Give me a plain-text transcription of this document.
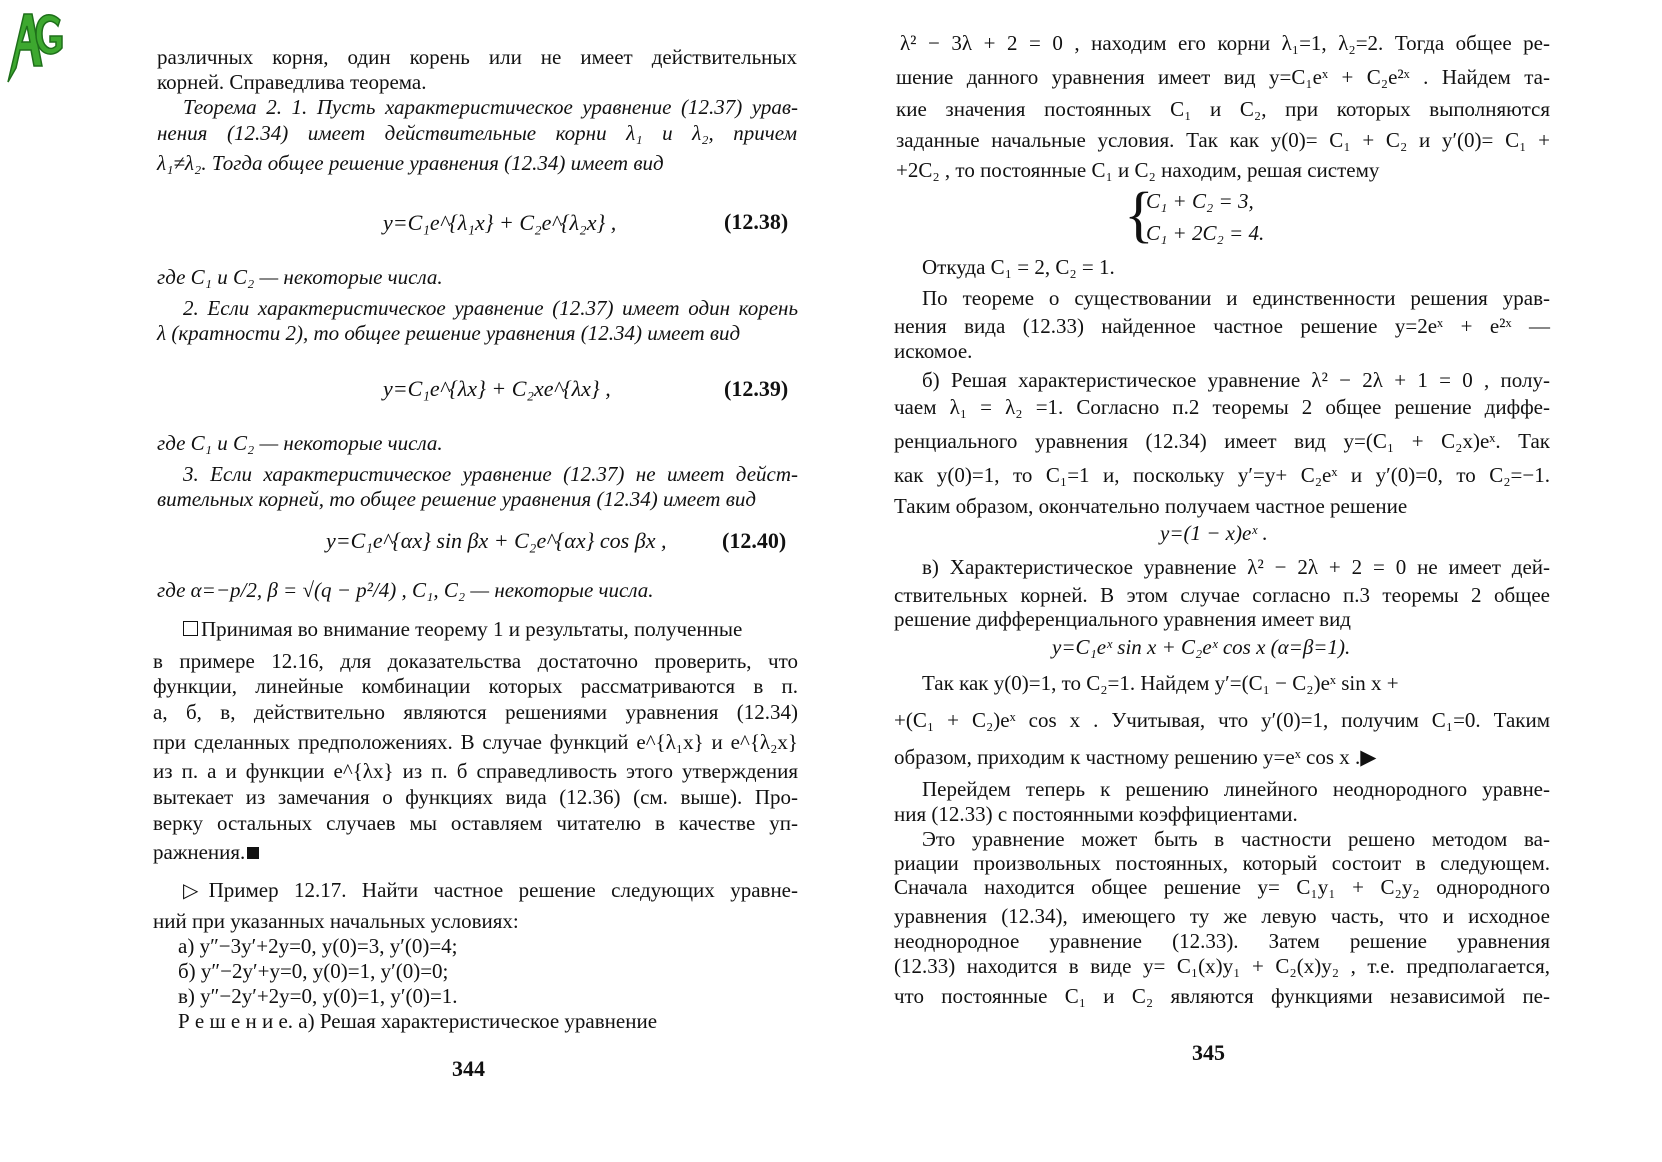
различных корня, один корень или не имеет действительных
корней. Справедлива теорема.
Теорема 2. 1. Пусть характеристическое уравнение (12.37) урав-
нения (12.34) имеет действительные корни λ₁ и λ₂, причем
λ₁≠λ₂. Тогда общее решение уравнения (12.34) имеет вид
y=C₁e^{λ₁x} + C₂e^{λ₂x} ,	(12.38)
где C₁ и C₂ — некоторые числа.
2. Если характеристическое уравнение (12.37) имеет один корень
λ (кратности 2), то общее решение уравнения (12.34) имеет вид
y=C₁e^{λx} + C₂xe^{λx} ,	(12.39)
где C₁ и C₂ — некоторые числа.
3. Если характеристическое уравнение (12.37) не имеет дейст-
вительных корней, то общее решение уравнения (12.34) имеет вид
y=C₁e^{αx} sin βx + C₂e^{αx} cos βx ,	(12.40)
где α=−p/2, β = √(q − p²/4) , C₁, C₂ — некоторые числа.
Принимая во внимание теорему 1 и результаты, полученные
в примере 12.16, для доказательства достаточно проверить, что
функции, линейные комбинации которых рассматриваются в п.
а, б, в, действительно являются решениями уравнения (12.34)
при сделанных предположениях. В случае функций e^{λ₁x} и e^{λ₂x}
из п. а и функции e^{λx} из п. б справедливость этого утверждения
вытекает из замечания о функциях вида (12.36) (см. выше). Про-
верку остальных случаев мы оставляем читателю в качестве уп-
ражнения.
▷Пример 12.17. Найти частное решение следующих уравне-
ний при указанных начальных условиях:
а) y″−3y′+2y=0, y(0)=3, y′(0)=4;
б) y″−2y′+y=0, y(0)=1, y′(0)=0;
в) y″−2y′+2y=0, y(0)=1, y′(0)=1.
Р е ш е н и е. а) Решая характеристическое уравнение
344
λ² − 3λ + 2 = 0 , находим его корни λ₁=1, λ₂=2. Тогда общее ре-
шение данного уравнения имеет вид y=C₁eˣ + C₂e²ˣ . Найдем та-
кие значения постоянных C₁ и C₂, при которых выполняются
заданные начальные условия. Так как y(0)= C₁ + C₂ и y′(0)= C₁ +
+2C₂ , то постоянные C₁ и C₂ находим, решая систему
{
C₁ + C₂ = 3,
C₁ + 2C₂ = 4.
Откуда C₁ = 2, C₂ = 1.
По теореме о существовании и единственности решения урав-
нения вида (12.33) найденное частное решение y=2eˣ + e²ˣ —
искомое.
б) Решая характеристическое уравнение λ² − 2λ + 1 = 0 , полу-
чаем λ₁ = λ₂ =1. Согласно п.2 теоремы 2 общее решение диффе-
ренциального уравнения (12.34) имеет вид y=(C₁ + C₂x)eˣ. Так
как y(0)=1, то C₁=1 и, поскольку y′=y+ C₂eˣ и y′(0)=0, то C₂=−1.
Таким образом, окончательно получаем частное решение
y=(1 − x)eˣ .
в) Характеристическое уравнение λ² − 2λ + 2 = 0 не имеет дей-
ствительных корней. В этом случае согласно п.3 теоремы 2 общее
решение дифференциального уравнения имеет вид
y=C₁eˣ sin x + C₂eˣ cos x (α=β=1).
Так как y(0)=1, то C₂=1. Найдем y′=(C₁ − C₂)eˣ sin x +
+(C₁ + C₂)eˣ cos x . Учитывая, что y′(0)=1, получим C₁=0. Таким
образом, приходим к частному решению y=eˣ cos x .▶
Перейдем теперь к решению линейного неоднородного уравне-
ния (12.33) с постоянными коэффициентами.
Это уравнение может быть в частности решено методом ва-
риации произвольных постоянных, который состоит в следующем.
Сначала находится общее решение y= C₁y₁ + C₂y₂ однородного
уравнения (12.34), имеющего ту же левую часть, что и исходное
неоднородное уравнение (12.33). Затем решение уравнения
(12.33) находится в виде y= C₁(x)y₁ + C₂(x)y₂ , т.е. предполагается,
что постоянные C₁ и C₂ являются функциями независимой пе-
345
